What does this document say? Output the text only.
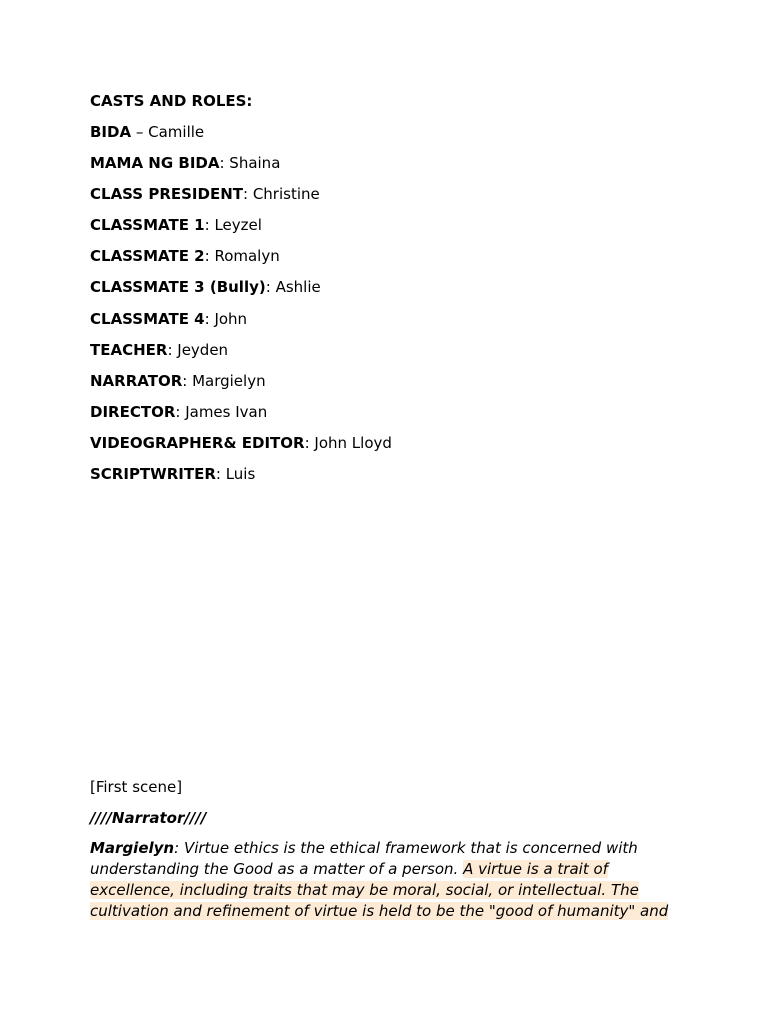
CASTS AND ROLES:
BIDA – Camille
MAMA NG BIDA: Shaina
CLASS PRESIDENT: Christine
CLASSMATE 1: Leyzel
CLASSMATE 2: Romalyn
CLASSMATE 3 (Bully): Ashlie
CLASSMATE 4: John
TEACHER: Jeyden
NARRATOR: Margielyn
DIRECTOR: James Ivan
VIDEOGRAPHER& EDITOR: John Lloyd
SCRIPTWRITER: Luis
[First scene]
////Narrator////

Margielyn: Virtue ethics is the ethical framework that is concerned with understanding the Good as a matter of a person. A virtue is a trait of excellence, including traits that may be moral, social, or intellectual. The cultivation and refinement of virtue is held to be the "good of humanity" and
